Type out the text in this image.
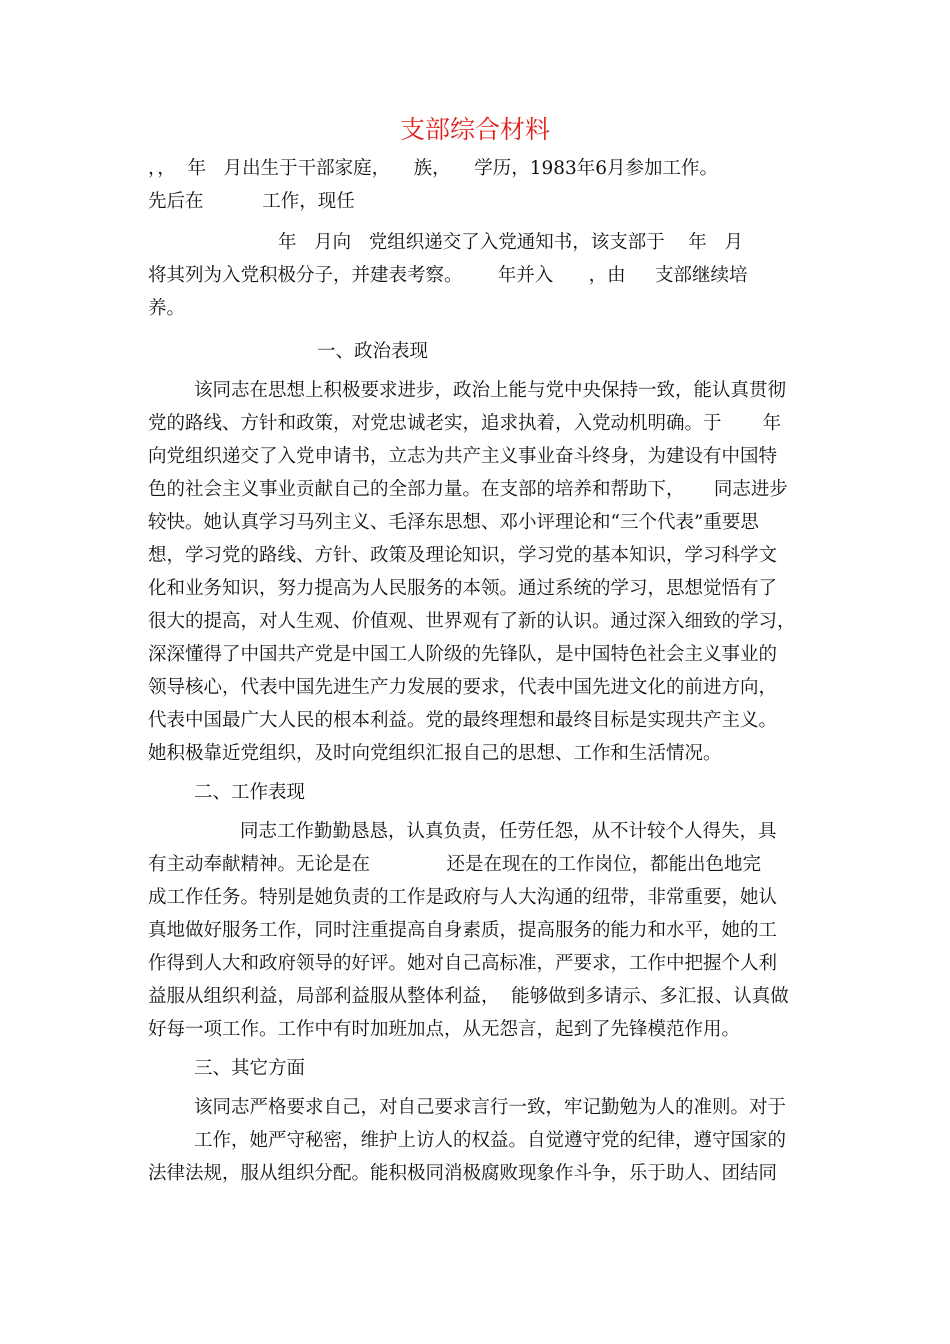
支部综合材料
，，  年   月出生于干部家庭，    族，    学历，1983年6月参加工作。
先后在          工作，现任
年   月向   党组织递交了入党通知书，该支部于    年   月
将其列为入党积极分子，并建表考察。      年并入      ，由     支部继续培
养。
一、政治表现
该同志在思想上积极要求进步，政治上能与党中央保持一致，能认真贯彻
党的路线、方针和政策，对党忠诚老实，追求执着，入党动机明确。于       年
向党组织递交了入党申请书，立志为共产主义事业奋斗终身，为建设有中国特
色的社会主义事业贡献自己的全部力量。在支部的培养和帮助下，     同志进步
较快。她认真学习马列主义、毛泽东思想、邓小评理论和“三个代表”重要思
想，学习党的路线、方针、政策及理论知识，学习党的基本知识，学习科学文
化和业务知识，努力提高为人民服务的本领。通过系统的学习，思想觉悟有了
很大的提高，对人生观、价值观、世界观有了新的认识。通过深入细致的学习，
深深懂得了中国共产党是中国工人阶级的先锋队，是中国特色社会主义事业的
领导核心，代表中国先进生产力发展的要求，代表中国先进文化的前进方向，
代表中国最广大人民的根本利益。党的最终理想和最终目标是实现共产主义。
她积极靠近党组织，及时向党组织汇报自己的思想、工作和生活情况。
二、工作表现
同志工作勤勤恳恳，认真负责，任劳任怨，从不计较个人得失，具
有主动奉献精神。无论是在             还是在现在的工作岗位，都能出色地完
成工作任务。特别是她负责的工作是政府与人大沟通的纽带，非常重要，她认
真地做好服务工作，同时注重提高自身素质，提高服务的能力和水平，她的工
作得到人大和政府领导的好评。她对自己高标准，严要求，工作中把握个人利
益服从组织利益，局部利益服从整体利益，  能够做到多请示、多汇报、认真做
好每一项工作。工作中有时加班加点，从无怨言，起到了先锋模范作用。
三、其它方面
该同志严格要求自己，对自己要求言行一致，牢记勤勉为人的准则。对于
工作，她严守秘密，维护上访人的权益。自觉遵守党的纪律，遵守国家的
法律法规，服从组织分配。能积极同消极腐败现象作斗争，乐于助人、团结同
